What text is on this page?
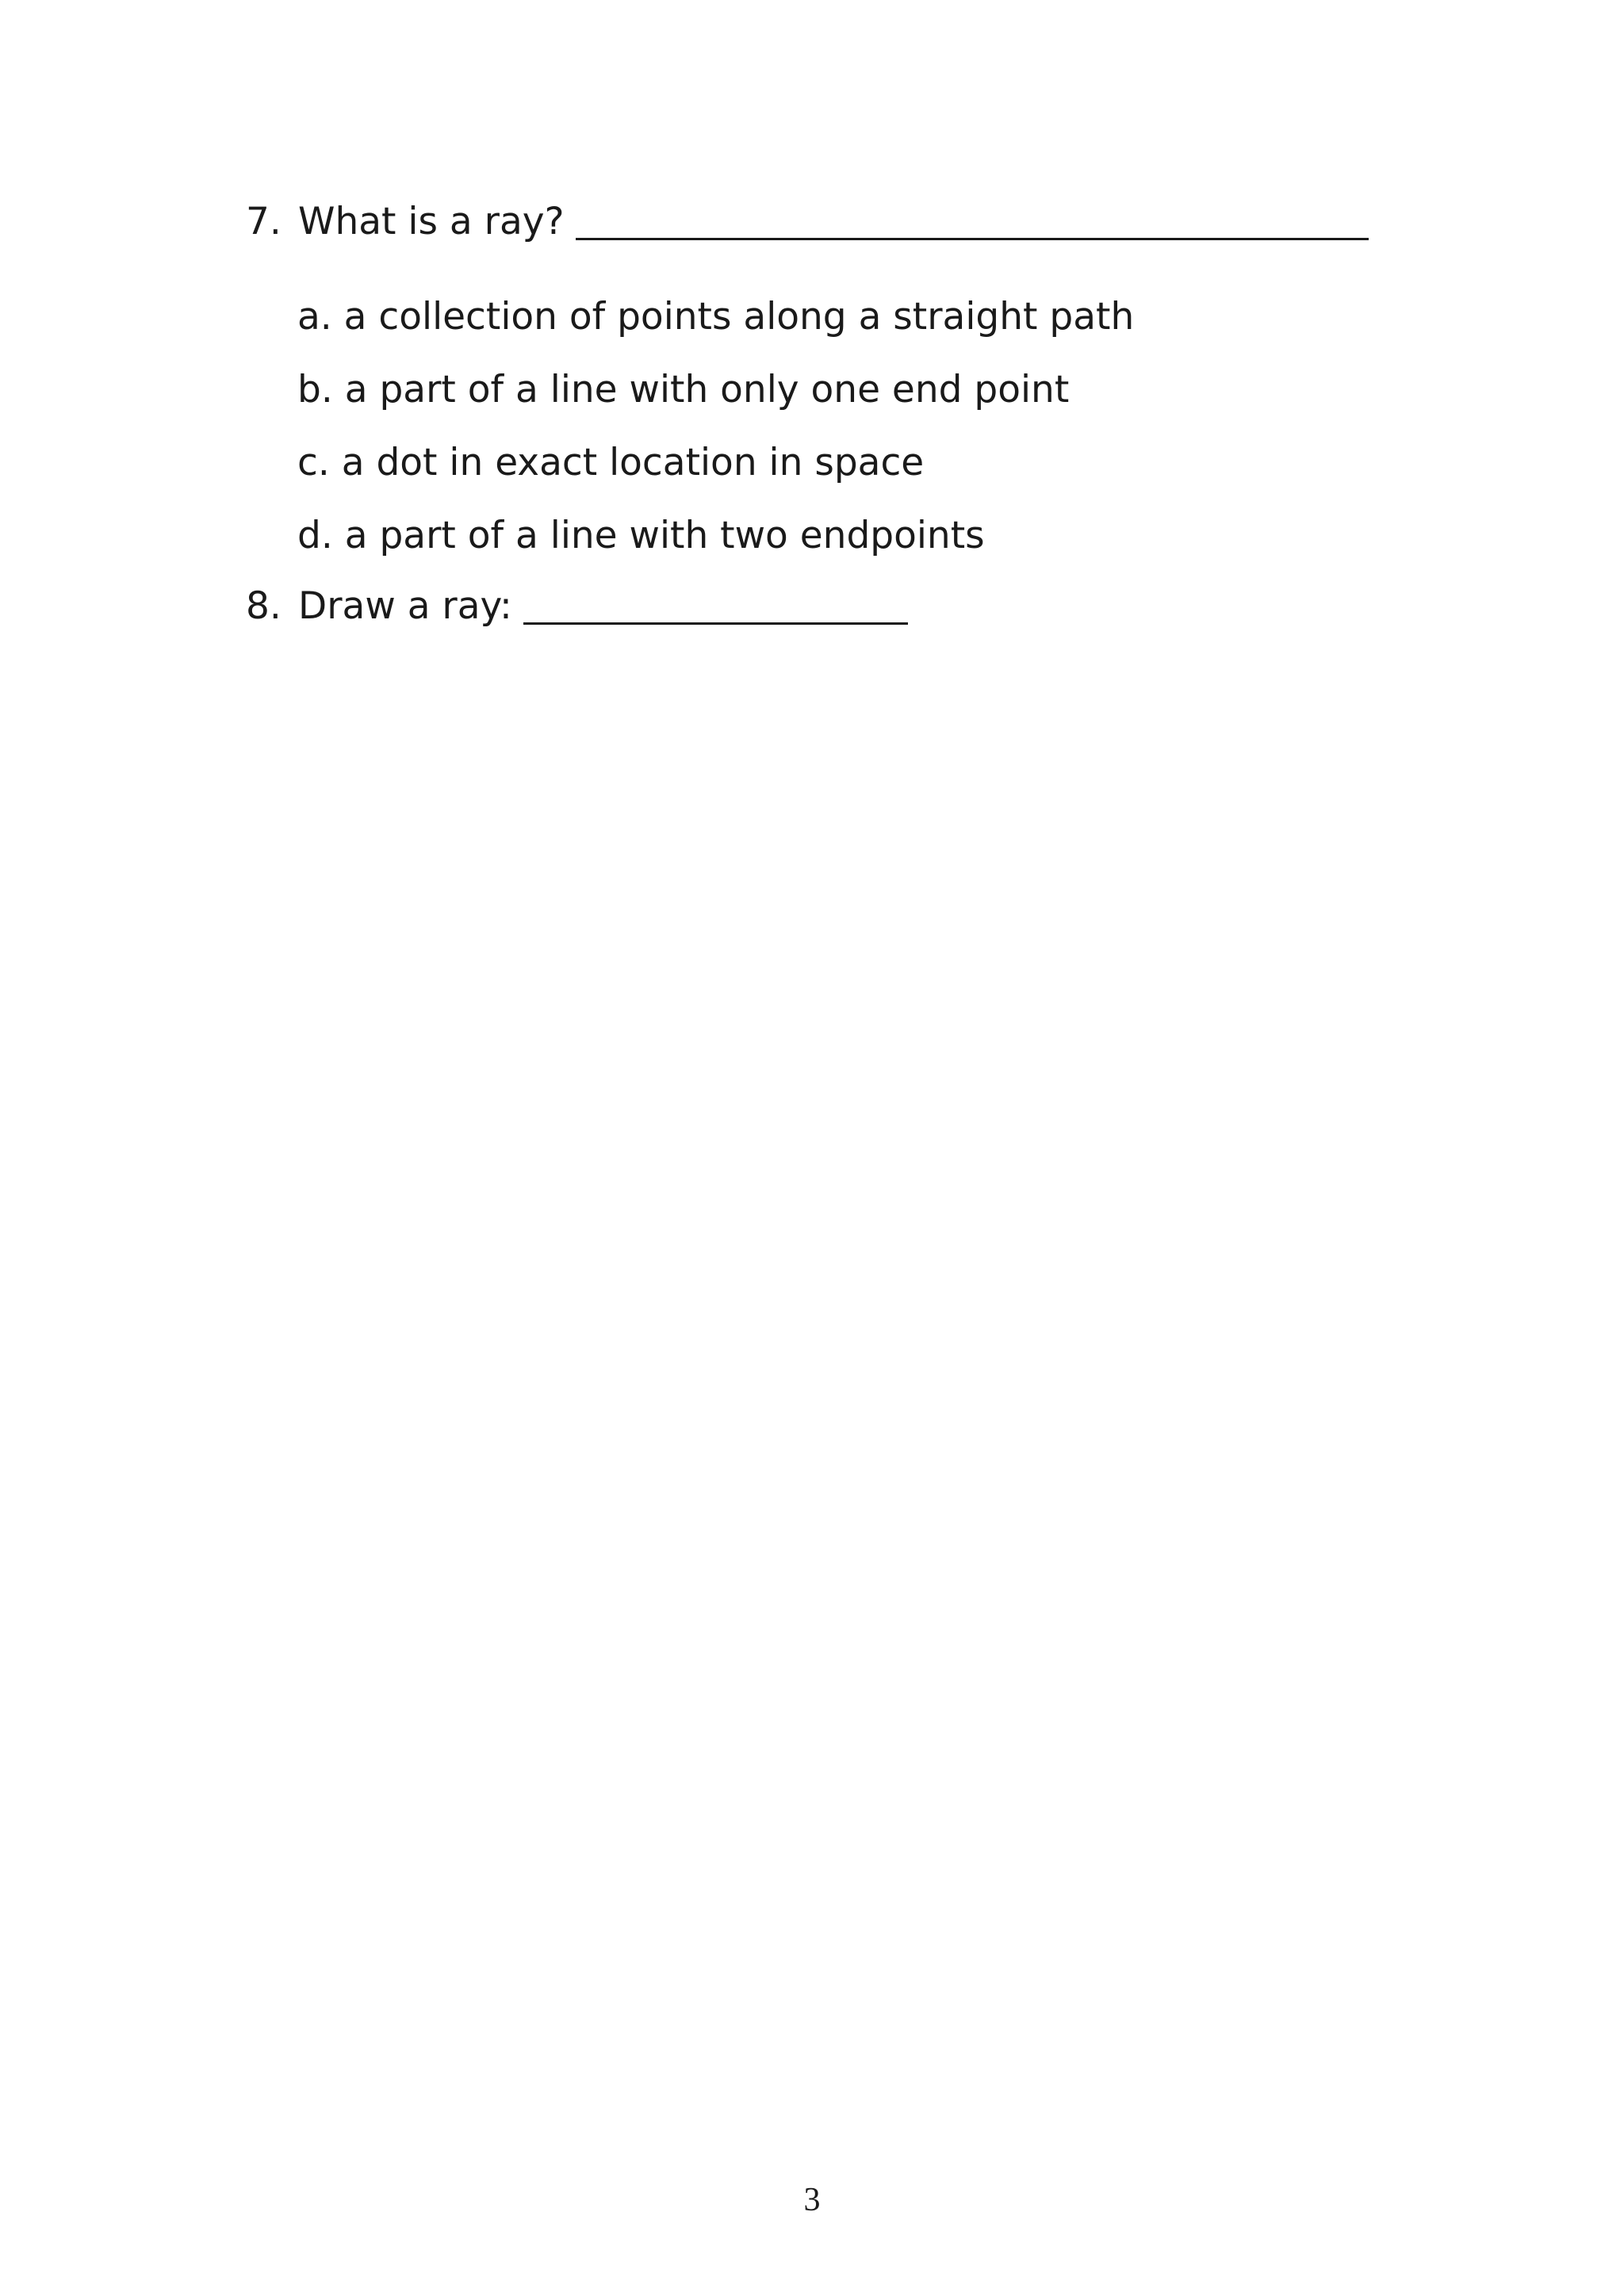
7. What is a ray?
a. a collection of points along a straight path
b. a part of a line with only one end point
c. a dot in exact location in space
d. a part of a line with two endpoints
8. Draw a ray:
3
